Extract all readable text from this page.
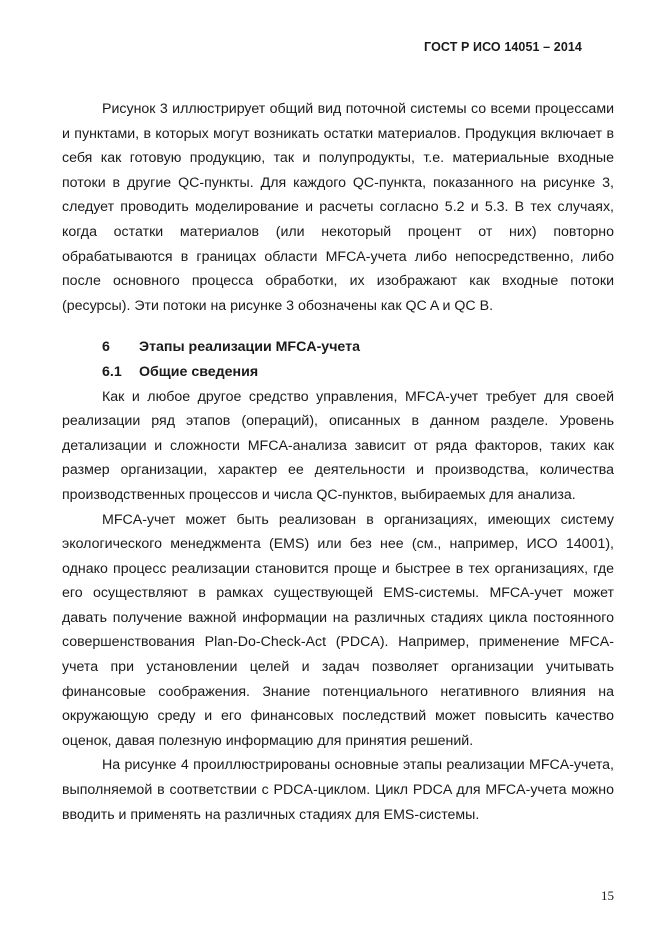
ГОСТ Р ИСО 14051 – 2014

Рисунок 3 иллюстрирует общий вид поточной системы со всеми процессами и пунктами, в которых могут возникать остатки материалов. Продукция включает в себя как готовую продукцию, так и полупродукты, т.е. материальные входные потоки в другие QC-пункты. Для каждого QC-пункта, показанного на рисунке 3, следует проводить моделирование и расчеты согласно 5.2 и 5.3. В тех случаях, когда остатки материалов (или некоторый процент от них) повторно обрабатываются в границах области MFCA-учета либо непосредственно, либо после основного процесса обработки, их изображают как входные потоки (ресурсы). Эти потоки на рисунке 3 обозначены как QC A и QC B.

6 Этапы реализации MFCA-учета
6.1 Общие сведения

Как и любое другое средство управления, MFCA-учет требует для своей реализации ряд этапов (операций), описанных в данном разделе. Уровень детализации и сложности MFCA-анализа зависит от ряда факторов, таких как размер организации, характер ее деятельности и производства, количества производственных процессов и числа QC-пунктов, выбираемых для анализа.

MFCA-учет может быть реализован в организациях, имеющих систему экологического менеджмента (EMS) или без нее (см., например, ИСО 14001), однако процесс реализации становится проще и быстрее в тех организациях, где его осуществляют в рамках существующей EMS-системы. MFCA-учет может давать получение важной информации на различных стадиях цикла постоянного совершенствования Plan-Do-Check-Act (PDCA). Например, применение MFCA-учета при установлении целей и задач позволяет организации учитывать финансовые соображения. Знание потенциального негативного влияния на окружающую среду и его финансовых последствий может повысить качество оценок, давая полезную информацию для принятия решений.

На рисунке 4 проиллюстрированы основные этапы реализации MFCA-учета, выполняемой в соответствии с PDCA-циклом. Цикл PDCA для MFCA-учета можно вводить и применять на различных стадиях для EMS-системы.

15
